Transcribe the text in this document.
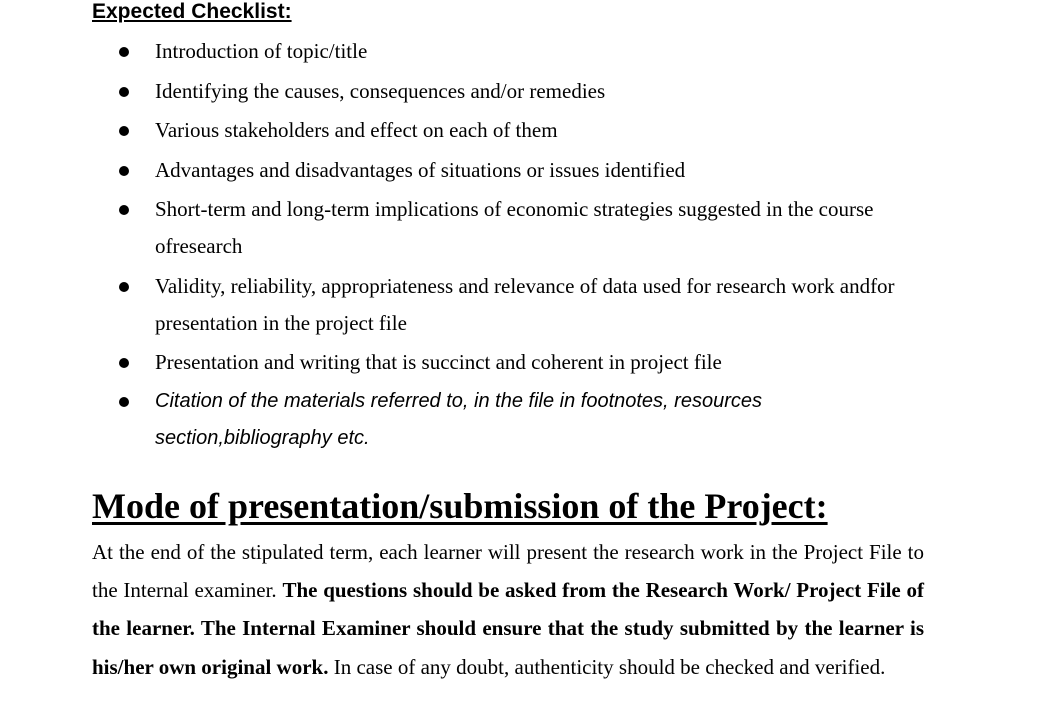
Expected Checklist:

Introduction of topic/title

Identifying the causes, consequences and/or remedies

Various stakeholders and effect on each of them

Advantages and disadvantages of situations or issues identified

Short-term and long-term implications of economic strategies suggested in the course ofresearch

Validity, reliability, appropriateness and relevance of data used for research work andfor presentation in the project file

Presentation and writing that is succinct and coherent in project file

Citation of the materials referred to, in the file in footnotes, resources section,bibliography etc.

Mode of presentation/submission of the Project:

At the end of the stipulated term, each learner will present the research work in the Project File to the Internal examiner. The questions should be asked from the Research Work/ Project File of the learner. The Internal Examiner should ensure that the study submitted by the learner is his/her own original work. In case of any doubt, authenticity should be checked and verified.
